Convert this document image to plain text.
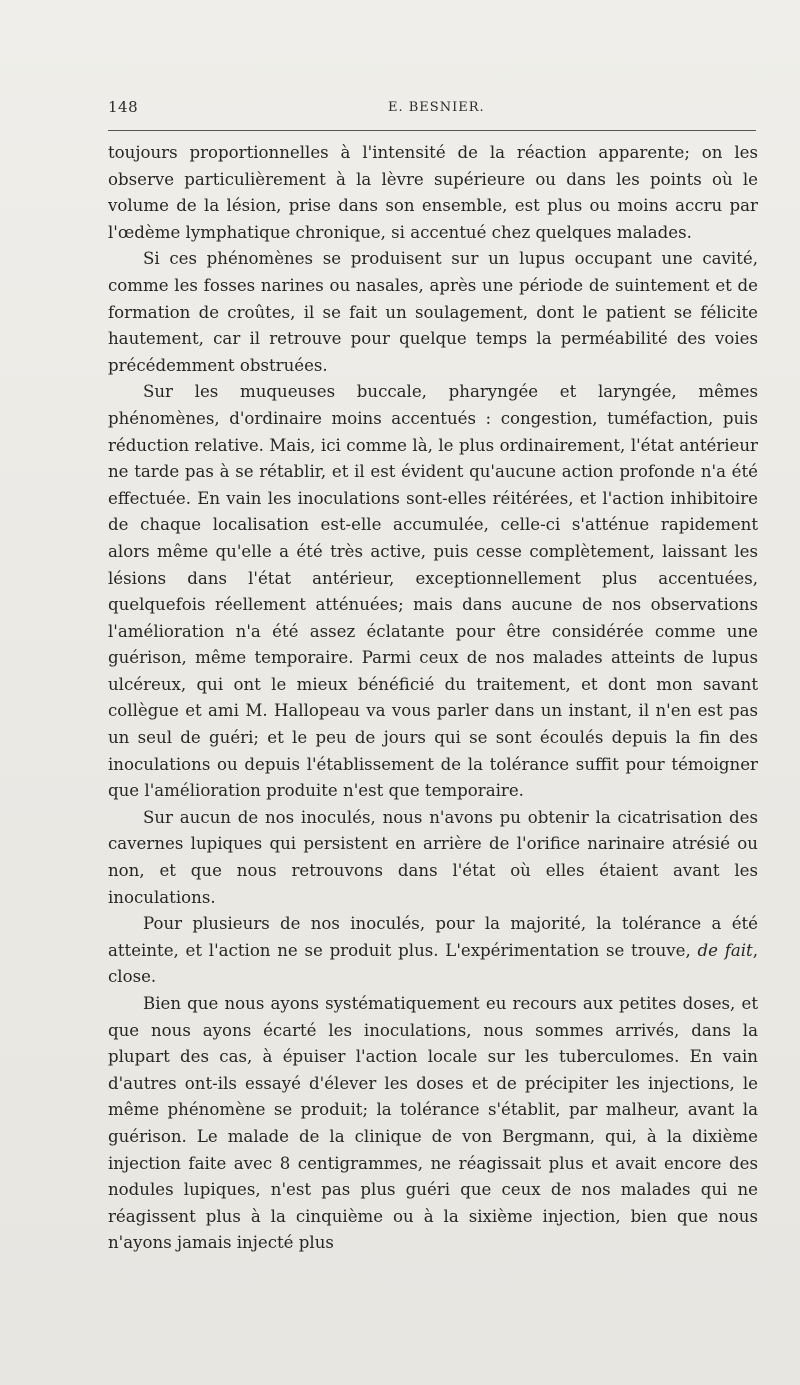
148	E. BESNIER.

toujours proportionnelles à l'intensité de la réaction apparente; on les observe particulièrement à la lèvre supérieure ou dans les points où le volume de la lésion, prise dans son ensemble, est plus ou moins accru par l'œdème lymphatique chronique, si accentué chez quelques malades.

Si ces phénomènes se produisent sur un lupus occupant une cavité, comme les fosses narines ou nasales, après une période de suintement et de formation de croûtes, il se fait un soulagement, dont le patient se félicite hautement, car il retrouve pour quelque temps la perméabilité des voies précédemment obstruées.

Sur les muqueuses buccale, pharyngée et laryngée, mêmes phénomènes, d'ordinaire moins accentués : congestion, tuméfaction, puis réduction relative. Mais, ici comme là, le plus ordinairement, l'état antérieur ne tarde pas à se rétablir, et il est évident qu'aucune action profonde n'a été effectuée. En vain les inoculations sont-elles réitérées, et l'action inhibitoire de chaque localisation est-elle accumulée, celle-ci s'atténue rapidement alors même qu'elle a été très active, puis cesse complètement, laissant les lésions dans l'état antérieur, exceptionnellement plus accentuées, quelquefois réellement atténuées; mais dans aucune de nos observations l'amélioration n'a été assez éclatante pour être considérée comme une guérison, même temporaire. Parmi ceux de nos malades atteints de lupus ulcéreux, qui ont le mieux bénéficié du traitement, et dont mon savant collègue et ami M. Hallopeau va vous parler dans un instant, il n'en est pas un seul de guéri; et le peu de jours qui se sont écoulés depuis la fin des inoculations ou depuis l'établissement de la tolérance suffit pour témoigner que l'amélioration produite n'est que temporaire.

Sur aucun de nos inoculés, nous n'avons pu obtenir la cicatrisation des cavernes lupiques qui persistent en arrière de l'orifice narinaire atrésié ou non, et que nous retrouvons dans l'état où elles étaient avant les inoculations.

Pour plusieurs de nos inoculés, pour la majorité, la tolérance a été atteinte, et l'action ne se produit plus. L'expérimentation se trouve, de fait, close.

Bien que nous ayons systématiquement eu recours aux petites doses, et que nous ayons écarté les inoculations, nous sommes arrivés, dans la plupart des cas, à épuiser l'action locale sur les tuberculomes. En vain d'autres ont-ils essayé d'élever les doses et de précipiter les injections, le même phénomène se produit; la tolérance s'établit, par malheur, avant la guérison. Le malade de la clinique de von Bergmann, qui, à la dixième injection faite avec 8 centigrammes, ne réagissait plus et avait encore des nodules lupiques, n'est pas plus guéri que ceux de nos malades qui ne réagissent plus à la cinquième ou à la sixième injection, bien que nous n'ayons jamais injecté plus
